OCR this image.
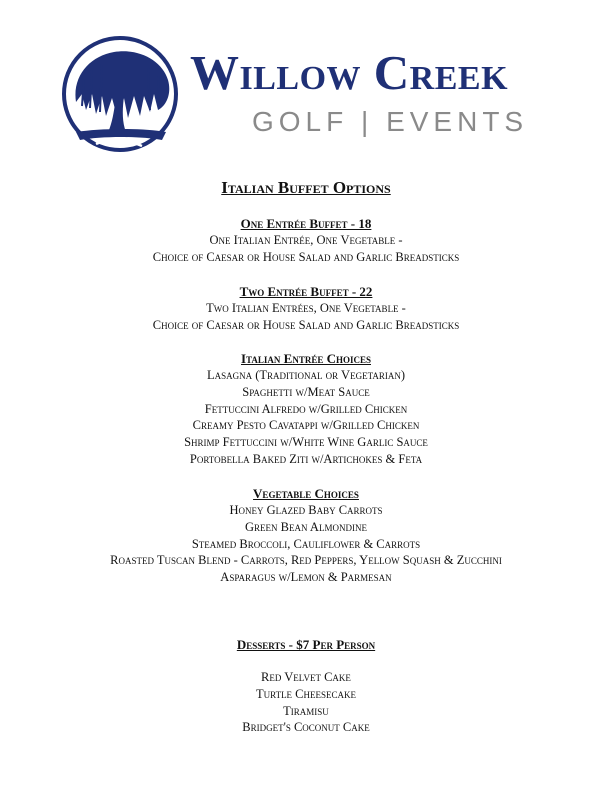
Willow Creek
GOLF | EVENTS
Italian Buffet Options
One Entrée Buffet - 18
One Italian Entrée, One Vegetable -
Choice of Caesar or House Salad and Garlic Breadsticks
Two Entrée Buffet - 22
Two Italian Entrées, One Vegetable -
Choice of Caesar or House Salad and Garlic Breadsticks
Italian Entrée Choices
Lasagna (Traditional or Vegetarian)
Spaghetti w/Meat Sauce
Fettuccini Alfredo w/Grilled Chicken
Creamy Pesto Cavatappi w/Grilled Chicken
Shrimp Fettuccini w/White Wine Garlic Sauce
Portobella Baked Ziti w/Artichokes & Feta
Vegetable Choices
Honey Glazed Baby Carrots
Green Bean Almondine
Steamed Broccoli, Cauliflower & Carrots
Roasted Tuscan Blend - Carrots, Red Peppers, Yellow Squash & Zucchini
Asparagus w/Lemon & Parmesan
Desserts - $7 Per Person
Red Velvet Cake
Turtle Cheesecake
Tiramisu
Bridget's Coconut Cake
